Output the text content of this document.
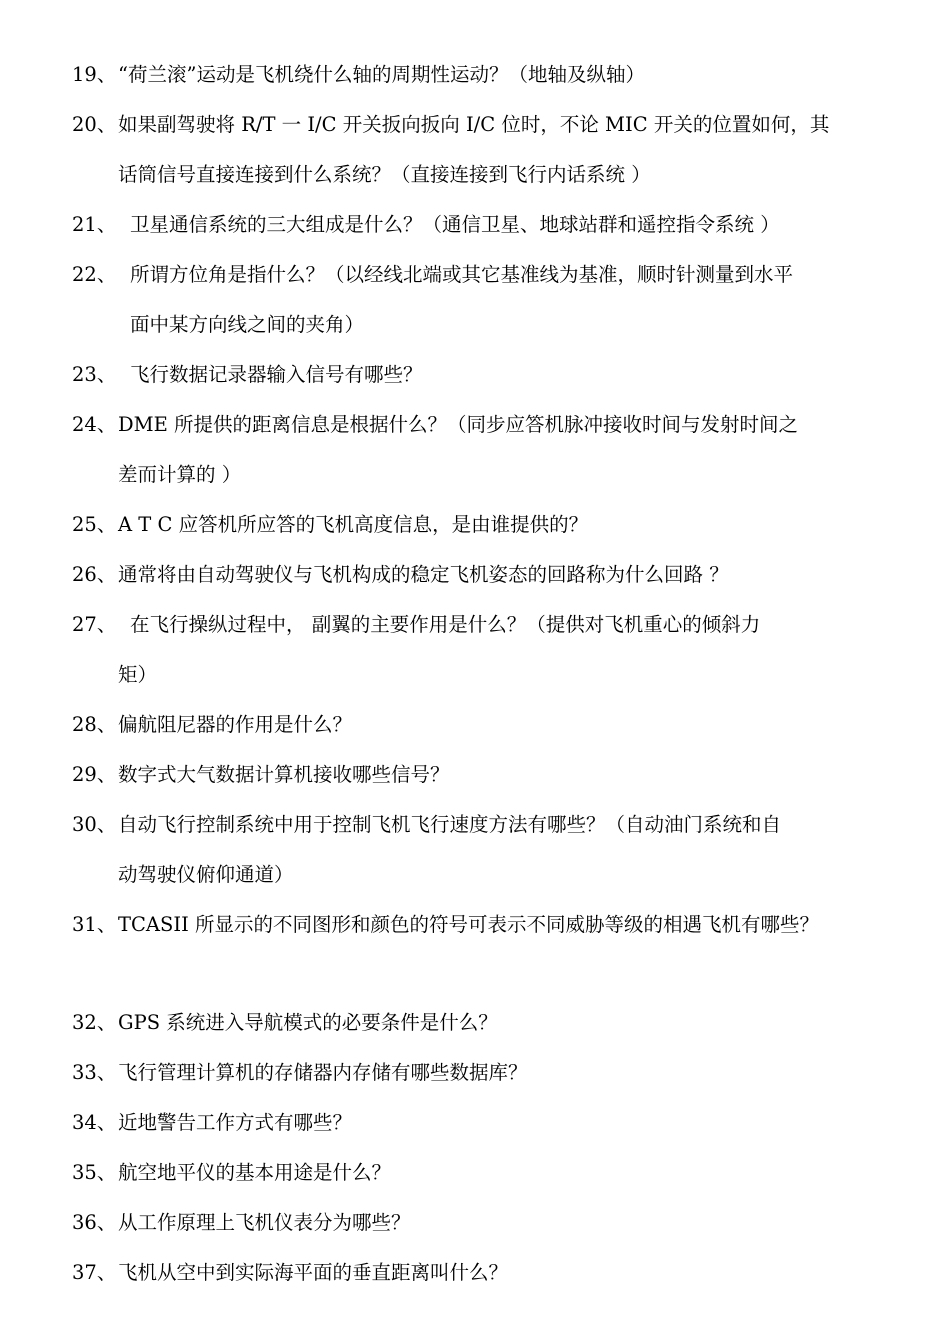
19、“荷兰滚”运动是飞机绕什么轴的周期性运动？（地轴及纵轴）
20、如果副驾驶将 R/T 一 I/C 开关扳向扳向 I/C 位时，不论 MIC 开关的位置如何，其
话筒信号直接连接到什么系统？（直接连接到飞行内话系统 ）
21、 卫星通信系统的三大组成是什么？（通信卫星、地球站群和遥控指令系统 ）
22、 所谓方位角是指什么？（以经线北端或其它基准线为基准，顺时针测量到水平
面中某方向线之间的夹角）
23、 飞行数据记录器输入信号有哪些？
24、DME 所提供的距离信息是根据什么？（同步应答机脉冲接收时间与发射时间之
差而计算的 ）
25、A T C 应答机所应答的飞机高度信息，是由谁提供的？
26、通常将由自动驾驶仪与飞机构成的稳定飞机姿态的回路称为什么回路 ？
27、 在飞行操纵过程中， 副翼的主要作用是什么？（提供对飞机重心的倾斜力
矩）
28、偏航阻尼器的作用是什么？
29、数字式大气数据计算机接收哪些信号？
30、自动飞行控制系统中用于控制飞机飞行速度方法有哪些？（自动油门系统和自
动驾驶仪俯仰通道）
31、TCASII 所显示的不同图形和颜色的符号可表示不同威胁等级的相遇飞机有哪些？
32、GPS 系统进入导航模式的必要条件是什么？
33、飞行管理计算机的存储器内存储有哪些数据库？
34、近地警告工作方式有哪些？
35、航空地平仪的基本用途是什么？
36、从工作原理上飞机仪表分为哪些？
37、飞机从空中到实际海平面的垂直距离叫什么？
